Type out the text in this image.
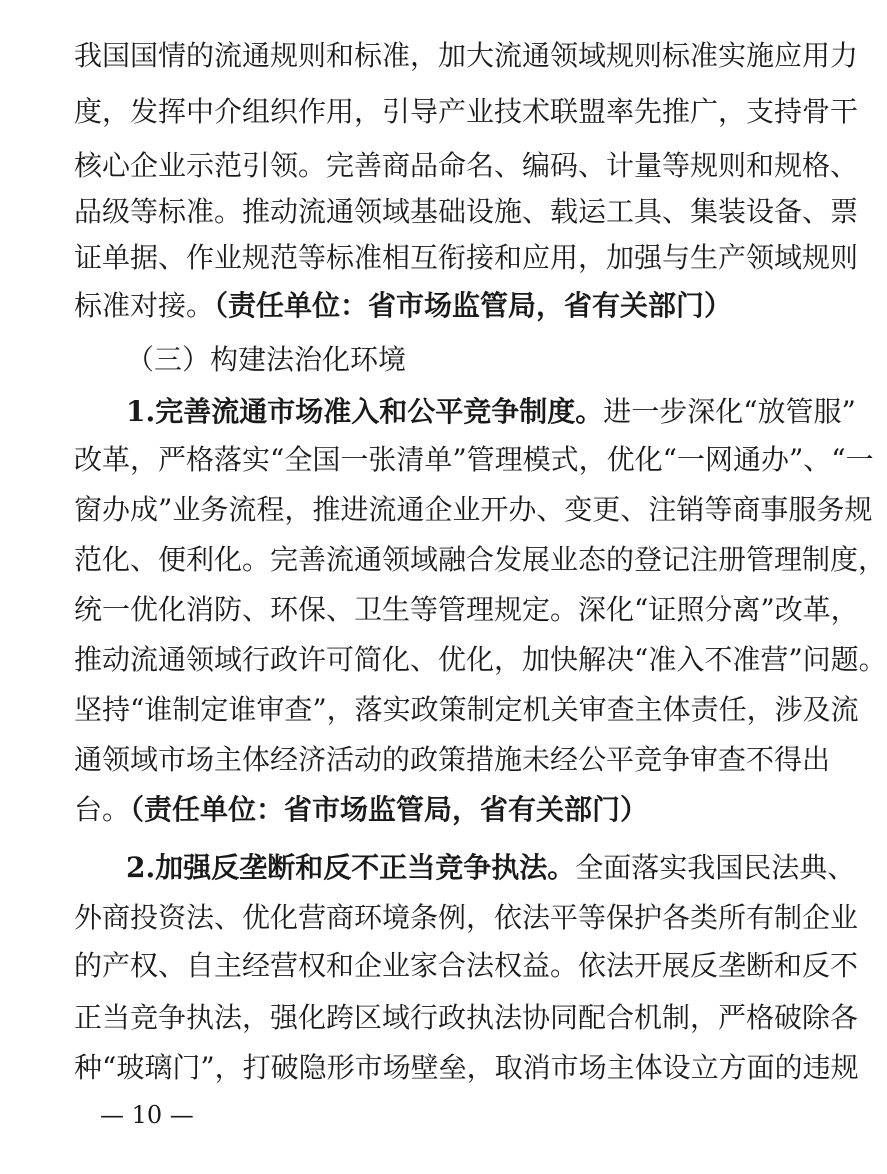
我国国情的流通规则和标准，加大流通领域规则标准实施应用力
度，发挥中介组织作用，引导产业技术联盟率先推广，支持骨干
核心企业示范引领。完善商品命名、编码、计量等规则和规格、
品级等标准。推动流通领域基础设施、载运工具、集装设备、票
证单据、作业规范等标准相互衔接和应用，加强与生产领域规则
标准对接。（责任单位：省市场监管局，省有关部门）
（三）构建法治化环境
1.完善流通市场准入和公平竞争制度。进一步深化“放管服”
改革，严格落实“全国一张清单”管理模式，优化“一网通办”、“一
窗办成”业务流程，推进流通企业开办、变更、注销等商事服务规
范化、便利化。完善流通领域融合发展业态的登记注册管理制度，
统一优化消防、环保、卫生等管理规定。深化“证照分离”改革，
推动流通领域行政许可简化、优化，加快解决“准入不准营”问题。
坚持“谁制定谁审查”，落实政策制定机关审查主体责任，涉及流
通领域市场主体经济活动的政策措施未经公平竞争审查不得出
台。（责任单位：省市场监管局，省有关部门）
2.加强反垄断和反不正当竞争执法。全面落实我国民法典、
外商投资法、优化营商环境条例，依法平等保护各类所有制企业
的产权、自主经营权和企业家合法权益。依法开展反垄断和反不
正当竞争执法，强化跨区域行政执法协同配合机制，严格破除各
种“玻璃门”，打破隐形市场壁垒，取消市场主体设立方面的违规
— 10 —
